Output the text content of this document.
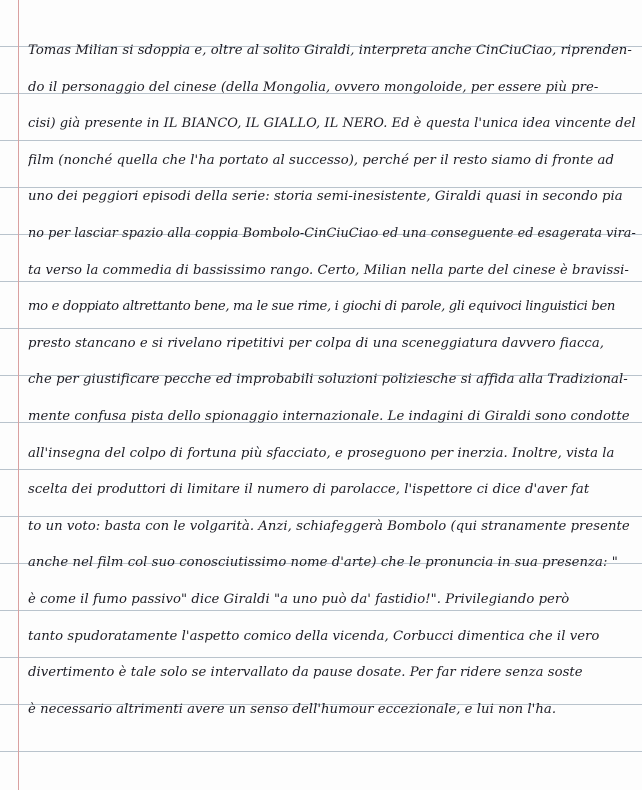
Tomas Milian si sdoppia e, oltre al solito Giraldi, interpreta anche CinCiuCiao, riprenden-
do il personaggio del cinese (della Mongolia, ovvero mongoloide, per essere più pre-
cisi) già presente in IL BIANCO, IL GIALLO, IL NERO. Ed è questa l'unica idea vincente del
film (nonché quella che l'ha portato al successo), perché per il resto siamo di fronte ad
uno dei peggiori episodi della serie: storia semi-inesistente, Giraldi quasi in secondo pia
no per lasciar spazio alla coppia Bombolo-CinCiuCiao ed una conseguente ed esagerata vira-
ta verso la commedia di bassissimo rango. Certo, Milian nella parte del cinese è bravissi-
mo e doppiato altrettanto bene, ma le sue rime, i giochi di parole, gli equivoci linguistici ben
presto stancano e si rivelano ripetitivi per colpa di una sceneggiatura davvero fiacca,
che per giustificare pecche ed improbabili soluzioni poliziesche si affida alla Tradizional-
mente confusa pista dello spionaggio internazionale. Le indagini di Giraldi sono condotte
all'insegna del colpo di fortuna più sfacciato, e proseguono per inerzia. Inoltre, vista la
scelta dei produttori di limitare il numero di parolacce, l'ispettore ci dice d'aver fat
to un voto: basta con le volgarità. Anzi, schiafeggerà Bombolo (qui stranamente presente
anche nel film col suo conosciutissimo nome d'arte) che le pronuncia in sua presenza: "
è come il fumo passivo" dice Giraldi "a uno può da' fastidio!". Privilegiando però
tanto spudoratamente l'aspetto comico della vicenda, Corbucci dimentica che il vero
divertimento è tale solo se intervallato da pause dosate. Per far ridere senza soste
è necessario altrimenti avere un senso dell'humour eccezionale, e lui non l'ha.
